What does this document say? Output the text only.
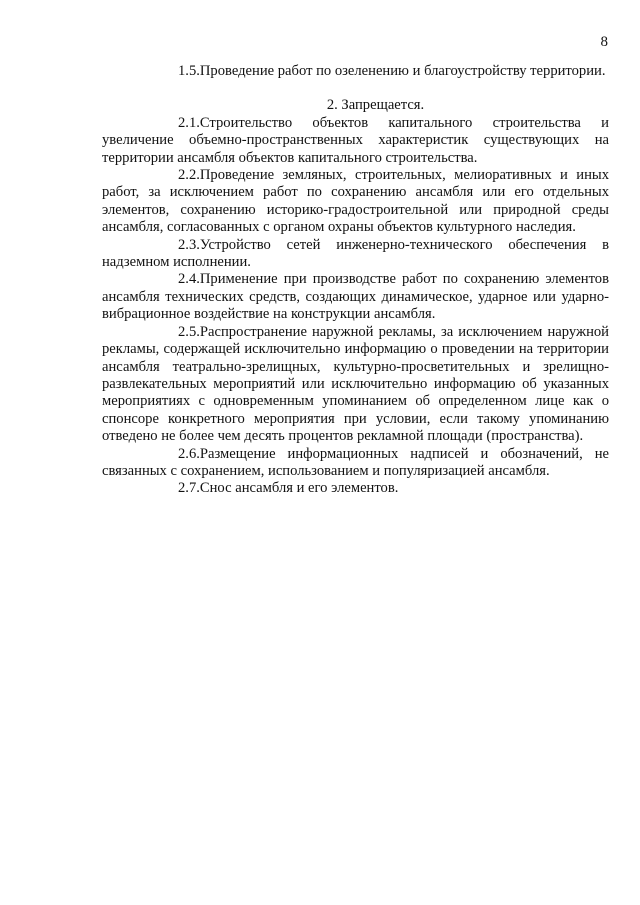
8

1.5.Проведение работ по озеленению и благоустройству территории.

2. Запрещается.

2.1.Строительство объектов капитального строительства и увеличение объемно-пространственных характеристик существующих на территории ансамбля объектов капитального строительства.

2.2.Проведение земляных, строительных, мелиоративных и иных работ, за исключением работ по сохранению ансамбля или его отдельных элементов, сохранению историко-градостроительной или природной среды ансамбля, согласованных с органом охраны объектов культурного наследия.

2.3.Устройство сетей инженерно-технического обеспечения в надземном исполнении.

2.4.Применение при производстве работ по сохранению элементов ансамбля технических средств, создающих динамическое, ударное или ударно-вибрационное воздействие на конструкции ансамбля.

2.5.Распространение наружной рекламы, за исключением наружной рекламы, содержащей исключительно информацию о проведении на территории ансамбля театрально-зрелищных, культурно-просветительных и зрелищно-развлекательных мероприятий или исключительно информацию об указанных мероприятиях с одновременным упоминанием об определенном лице как о спонсоре конкретного мероприятия при условии, если такому упоминанию отведено не более чем десять процентов рекламной площади (пространства).

2.6.Размещение информационных надписей и обозначений, не связанных с сохранением, использованием и популяризацией ансамбля.

2.7.Снос ансамбля и его элементов.
